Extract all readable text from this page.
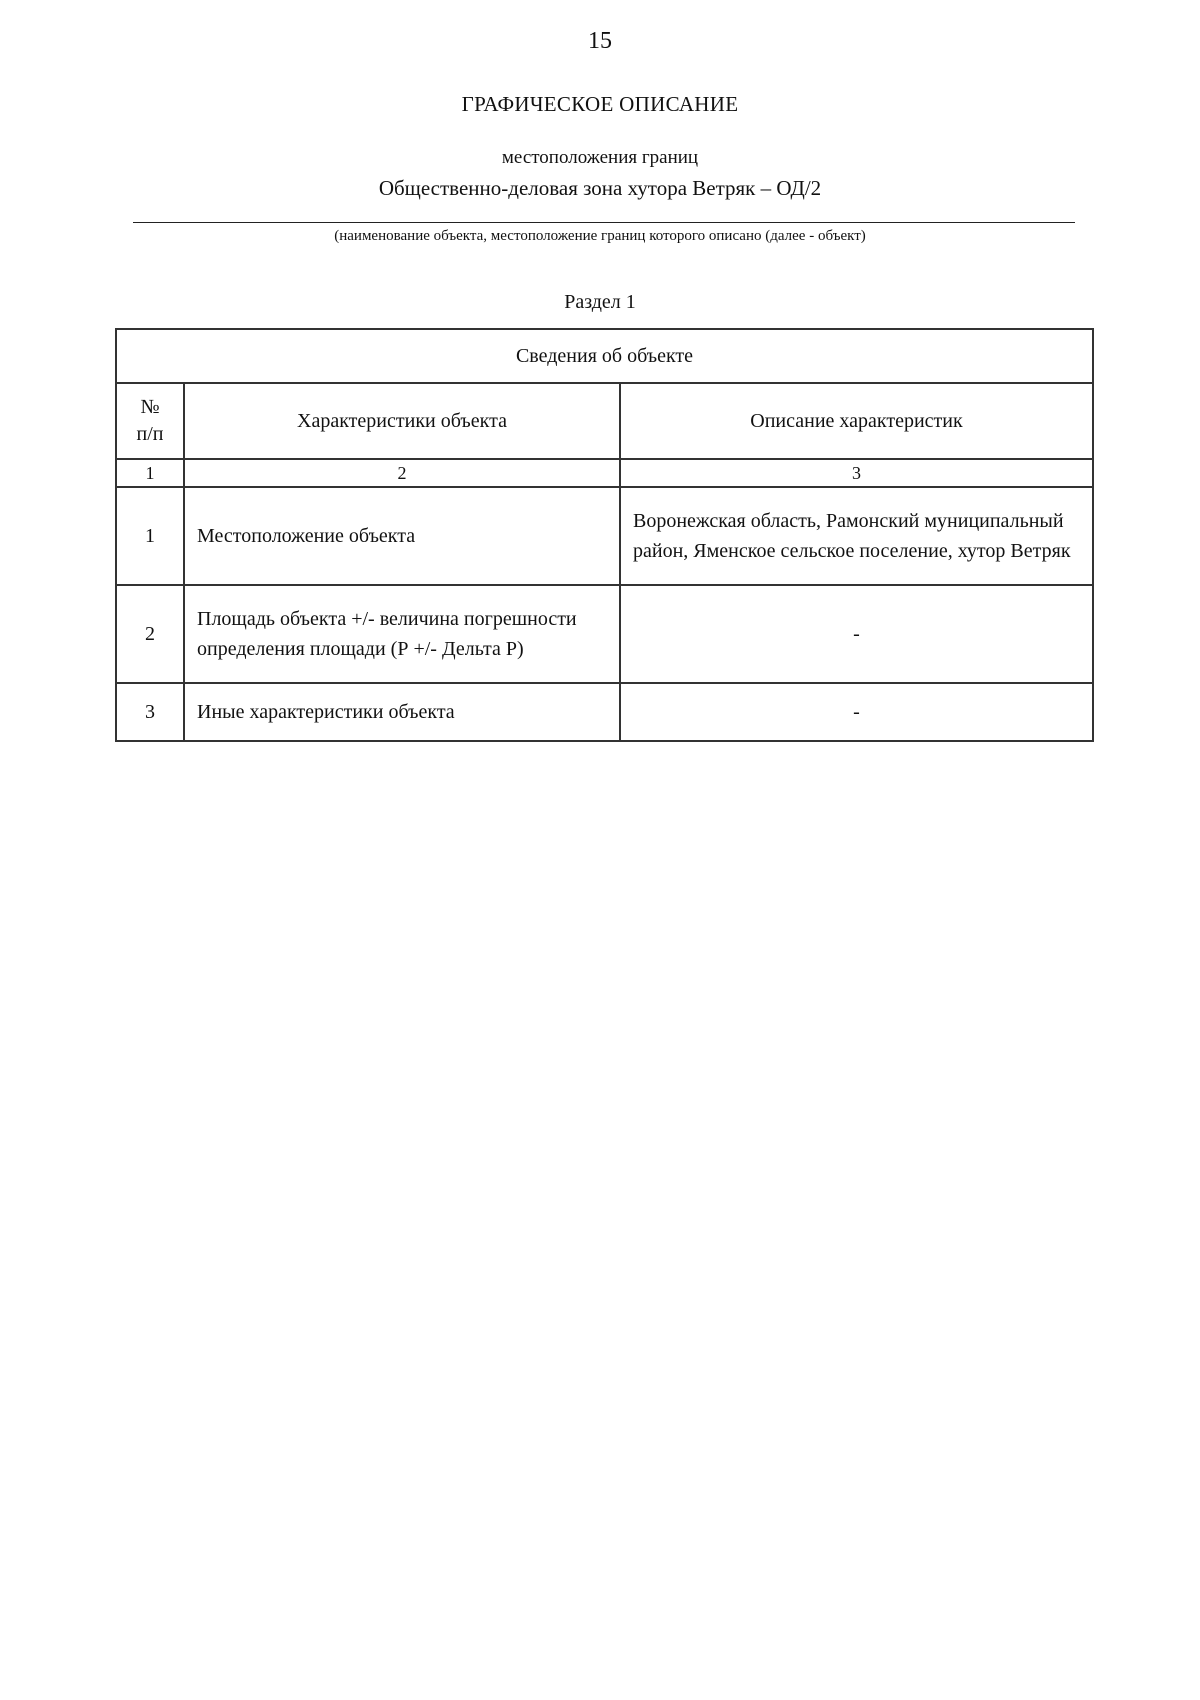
15
ГРАФИЧЕСКОЕ ОПИСАНИЕ
местоположения границ
Общественно-деловая зона хутора Ветряк – ОД/2
(наименование объекта, местоположение границ которого описано (далее - объект)
Раздел 1
Сведения об объекте		

№
п/п	Характеристики объекта	Описание характеристик
1	2	3
1	Местоположение объекта	Воронежская область, Рамонский муниципальный район, Яменское сельское поселение, хутор Ветряк
2	Площадь объекта +/- величина погрешности определения площади (Р +/- Дельта Р)	-
3	Иные характеристики объекта	-
